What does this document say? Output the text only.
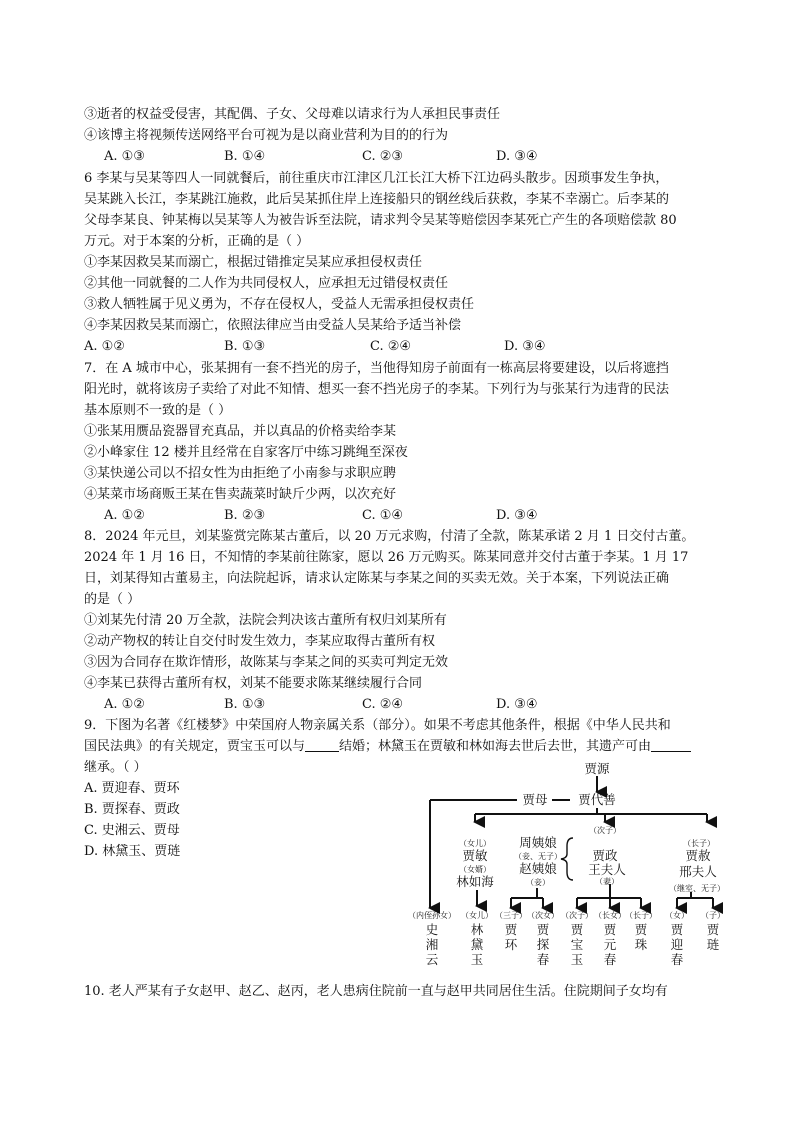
③逝者的权益受侵害，其配偶、子女、父母难以请求行为人承担民事责任
④该博主将视频传送网络平台可视为是以商业营利为目的的行为
A. ①③	B. ①④	C. ②③	D. ③④
6 李某与吴某等四人一同就餐后，前往重庆市江津区几江长江大桥下江边码头散步。因琐事发生争执，
吴某跳入长江，李某跳江施救，此后吴某抓住岸上连接船只的钢丝线后获救，李某不幸溺亡。后李某的
父母李某良、钟某梅以吴某等人为被告诉至法院，请求判令吴某等赔偿因李某死亡产生的各项赔偿款 80
万元。对于本案的分析，正确的是（ ）
①李某因救吴某而溺亡，根据过错推定吴某应承担侵权责任
②其他一同就餐的二人作为共同侵权人，应承担无过错侵权责任
③救人牺牲属于见义勇为，不存在侵权人，受益人无需承担侵权责任
④李某因救吴某而溺亡，依照法律应当由受益人吴某给予适当补偿
A. ①②	B. ①③	C. ②④	D. ③④
7．在 A 城市中心，张某拥有一套不挡光的房子，当他得知房子前面有一栋高层将要建设，以后将遮挡
阳光时，就将该房子卖给了对此不知情、想买一套不挡光房子的李某。下列行为与张某行为违背的民法
基本原则不一致的是（ ）
①张某用赝品瓷器冒充真品，并以真品的价格卖给李某
②小峰家住 12 楼并且经常在自家客厅中练习跳绳至深夜
③某快递公司以不招女性为由拒绝了小南参与求职应聘
④某菜市场商贩王某在售卖蔬菜时缺斤少两，以次充好
A. ①②	B. ②③	C. ①④	D. ③④
8．2024 年元旦，刘某鉴赏完陈某古董后，以 20 万元求购，付清了全款，陈某承诺 2 月 1 日交付古董。
2024 年 1 月 16 日，不知情的李某前往陈家，愿以 26 万元购买。陈某同意并交付古董于李某。1 月 17
日，刘某得知古董易主，向法院起诉，请求认定陈某与李某之间的买卖无效。关于本案，下列说法正确
的是（ ）
①刘某先付清 20 万全款，法院会判决该古董所有权归刘某所有
②动产物权的转让自交付时发生效力，李某应取得古董所有权
③因为合同存在欺诈情形，故陈某与李某之间的买卖可判定无效
④李某已获得古董所有权，刘某不能要求陈某继续履行合同
A. ①②	B. ①③	C. ②④	D. ③④
9．下图为名著《红楼梦》中荣国府人物亲属关系（部分）。如果不考虑其他条件，根据《中华人民共和
国民法典》的有关规定，贾宝玉可以与	结婚；林黛玉在贾敏和林如海去世后去世，其遗产可由
继承。（ ）
A. 贾迎春、贾环
B. 贾探春、贾政
C. 史湘云、贾母
D. 林黛玉、贾琏
贾源
贾母 贾代善
（女儿）
贾敏
（女婿）
林如海
周姨娘
（妾、无子）
赵姨娘
（妾）
（次子）
贾政
王夫人
（妻）
（长子）
贾赦
邢夫人
（继室、无子）
（内侄孙女）
史湘云
（女儿）
林黛玉
（三子）
贾环
（次女）
贾探春
（次子）
贾宝玉
（长女）
贾元春
（长子）
贾珠
（女）
贾迎春
（子）
贾琏
10. 老人严某有子女赵甲、赵乙、赵丙，老人患病住院前一直与赵甲共同居住生活。住院期间子女均有
